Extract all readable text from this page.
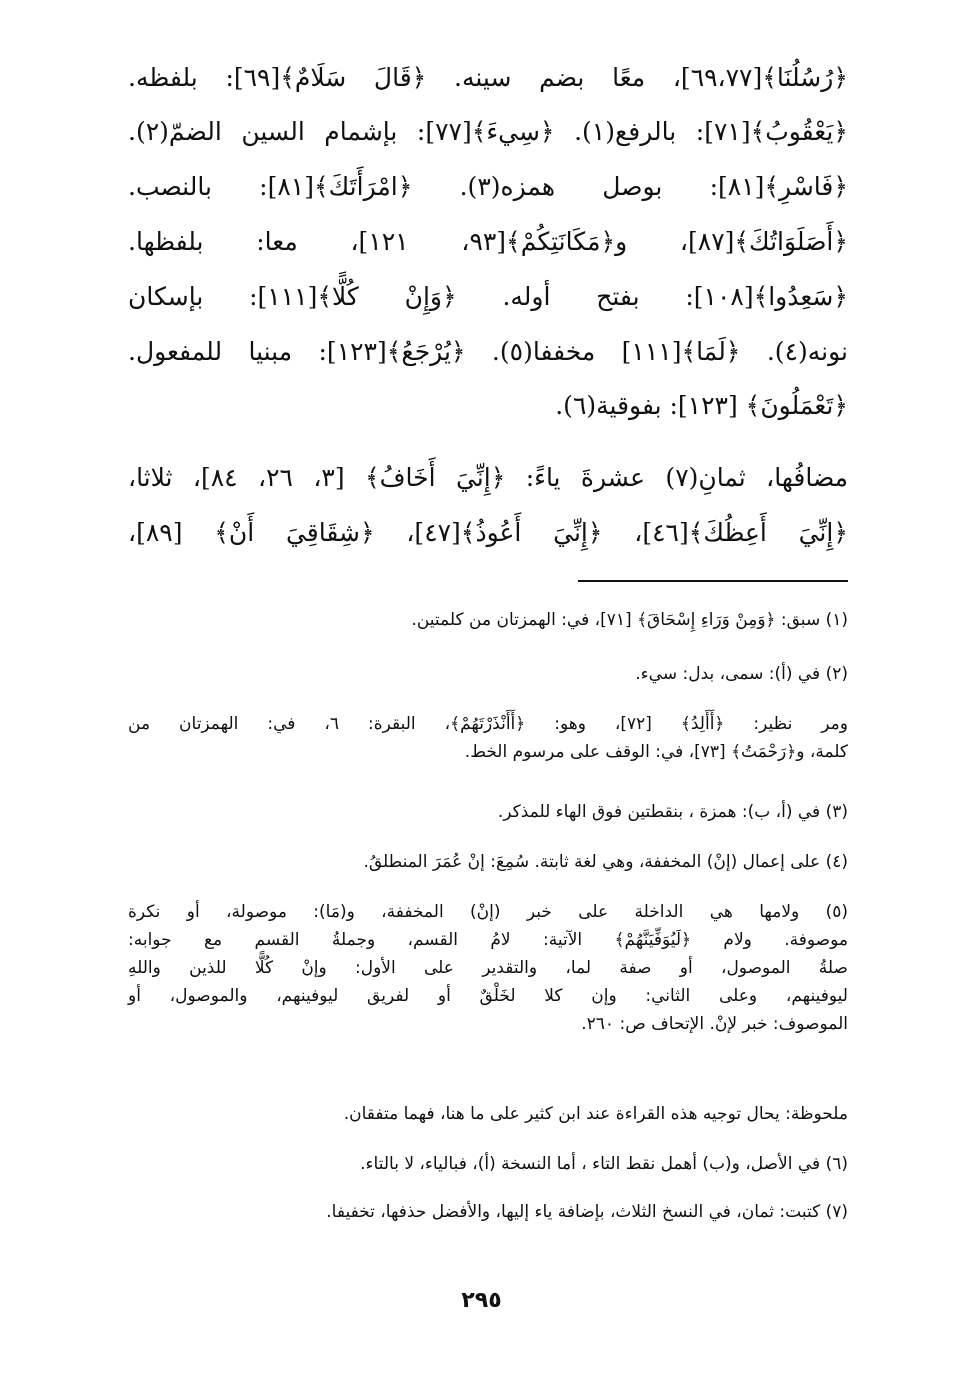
﴿رُسُلُنَا﴾[٦٩،٧٧]، معًا بضم سينه. ﴿قَالَ سَلَامٌ﴾[٦٩]: بلفظه.
﴿يَعْقُوبُ﴾[٧١]: بالرفع(١). ﴿سِيءَ﴾[٧٧]: بإشمام السين الضمّ(٢).
﴿فَاسْرِ﴾[٨١]: بوصل همزه(٣). ﴿امْرَأَتَكَ﴾[٨١]: بالنصب.
﴿أَصَلَوَاتُكَ﴾[٨٧]، و﴿مَكَانَتِكُمْ﴾[٩٣، ١٢١]، معا: بلفظها.
﴿سَعِدُوا﴾[١٠٨]: بفتح أوله. ﴿وَإِنْ كُلًّا﴾[١١١]: بإسكان
نونه(٤). ﴿لَمَا﴾[١١١] مخففا(٥). ﴿يُرْجَعُ﴾[١٢٣]: مبنيا للمفعول.
﴿تَعْمَلُونَ﴾ [١٢٣]: بفوقية(٦).
مضافُها، ثمانِ(٧) عشرةَ ياءً: ﴿إِنِّيَ أَخَافُ﴾ [٣، ٢٦، ٨٤]، ثلاثا،
﴿إِنِّيَ أَعِظُكَ﴾[٤٦]، ﴿إِنِّيَ أَعُوذُ﴾[٤٧]، ﴿شِقَاقِيَ أَنْ﴾ [٨٩]،
(١) سبق: ﴿وَمِنْ وَرَاءِ إِسْحَاقَ﴾ [٧١]، في: الهمزتان من كلمتين.
(٢) في (أ): سمى، بدل: سيء.
ومر نظير: ﴿أَأَلِدُ﴾ [٧٢]، وهو: ﴿أَأَنْذَرْتَهُمْ﴾، البقرة: ٦، في: الهمزتان من
كلمة، و﴿رَحْمَتُ﴾ [٧٣]، في: الوقف على مرسوم الخط.
(٣) في (أ، ب): همزة ، بنقطتين فوق الهاء للمذكر.
(٤) على إعمال (إنْ) المخففة، وهي لغة ثابتة. سُمِعَ: إنْ عُمَرَ المنطلقُ.
(٥) ولامها هي الداخلة على خبر (إنْ) المخففة، و(مَا): موصولة، أو نكرة
موصوفة. ولام ﴿لَيُوَفِّيَنَّهُمْ﴾ الآتية: لامُ القسم، وجملةُ القسم مع جوابه:
صلةُ الموصول، أو صفة لما، والتقدير على الأول: وإنْ كُلًّا للذين واللهِ
ليوفينهم، وعلى الثاني: وإن كلا لخَلْقٌ أو لفريق ليوفينهم، والموصول، أو
الموصوف: خبر لإنْ. الإتحاف ص: ٢٦٠.
ملحوظة: يحال توجيه هذه القراءة عند ابن كثير على ما هنا، فهما متفقان.
(٦) في الأصل، و(ب) أهمل نقط التاء ، أما النسخة (أ)، فبالياء، لا بالتاء.
(٧) كتبت: ثمان، في النسخ الثلاث، بإضافة ياء إليها، والأفضل حذفها، تخفيفا.
٢٩٥
